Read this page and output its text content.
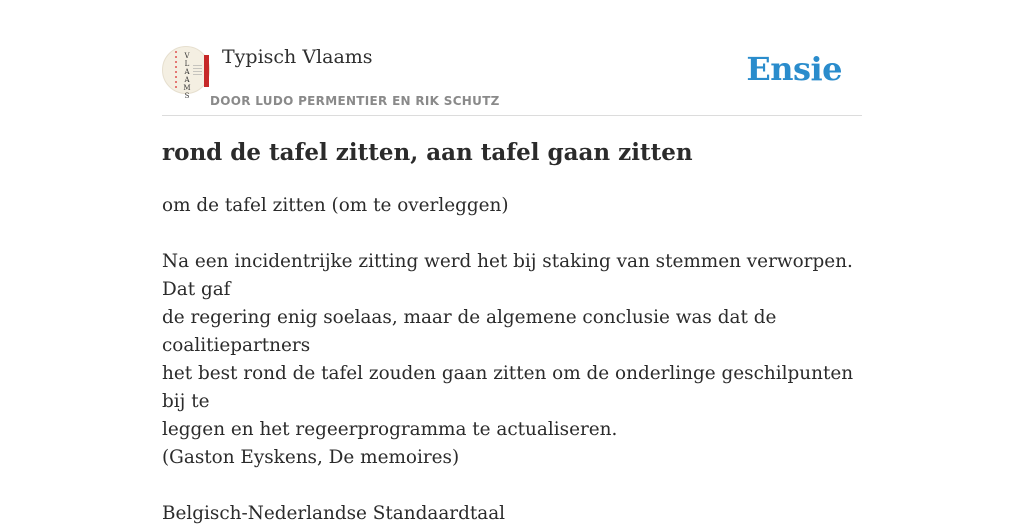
V
L
A
A
M
S
Typisch Vlaams
DOOR LUDO PERMENTIER EN RIK SCHUTZ
Ensie
rond de tafel zitten, aan tafel gaan zitten

om de tafel zitten (om te overleggen)

Na een incidentrijke zitting werd het bij staking van stemmen verworpen. Dat gaf

de regering enig soelaas, maar de algemene conclusie was dat de coalitiepartners

het best rond de tafel zouden gaan zitten om de onderlinge geschilpunten bij te

leggen en het regeerprogramma te actualiseren.

(Gaston Eyskens, De memoires)

Belgisch-Nederlandse Standaardtaal
